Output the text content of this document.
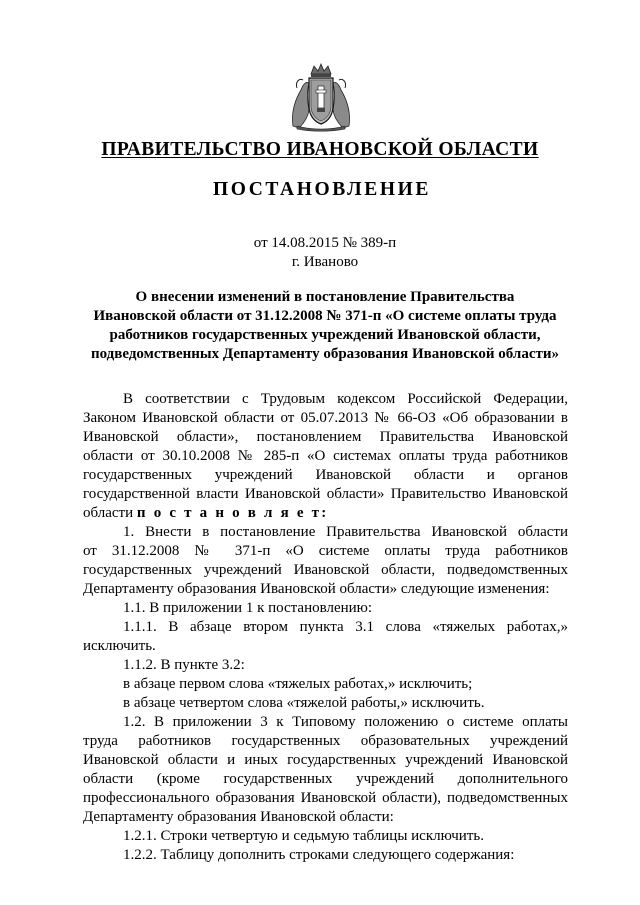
ПРАВИТЕЛЬСТВО ИВАНОВСКОЙ ОБЛАСТИ
ПОСТАНОВЛЕНИЕ
от 14.08.2015 № 389-п
г. Иваново
О внесении изменений в постановление Правительства
Ивановской области от 31.12.2008 № 371-п «О системе оплаты труда
работников государственных учреждений Ивановской области,
подведомственных Департаменту образования Ивановской области»
В соответствии с Трудовым кодексом Российской Федерации,
Законом Ивановской области от 05.07.2013 № 66-ОЗ «Об образовании в
Ивановской области», постановлением Правительства Ивановской
области от 30.10.2008 № 285-п «О системах оплаты труда работников
государственных учреждений Ивановской области и органов
государственной власти Ивановской области» Правительство Ивановской
области п о с т а н о в л я е т:
1. Внести в постановление Правительства Ивановской области
от 31.12.2008 № 371-п «О системе оплаты труда работников
государственных учреждений Ивановской области, подведомственных
Департаменту образования Ивановской области» следующие изменения:
1.1. В приложении 1 к постановлению:
1.1.1. В абзаце втором пункта 3.1 слова «тяжелых работах,»
исключить.
1.1.2. В пункте 3.2:
в абзаце первом слова «тяжелых работах,» исключить;
в абзаце четвертом слова «тяжелой работы,» исключить.
1.2. В приложении 3 к Типовому положению о системе оплаты
труда работников государственных образовательных учреждений
Ивановской области и иных государственных учреждений Ивановской
области (кроме государственных учреждений дополнительного
профессионального образования Ивановской области), подведомственных
Департаменту образования Ивановской области:
1.2.1. Строки четвертую и седьмую таблицы исключить.
1.2.2. Таблицу дополнить строками следующего содержания:
